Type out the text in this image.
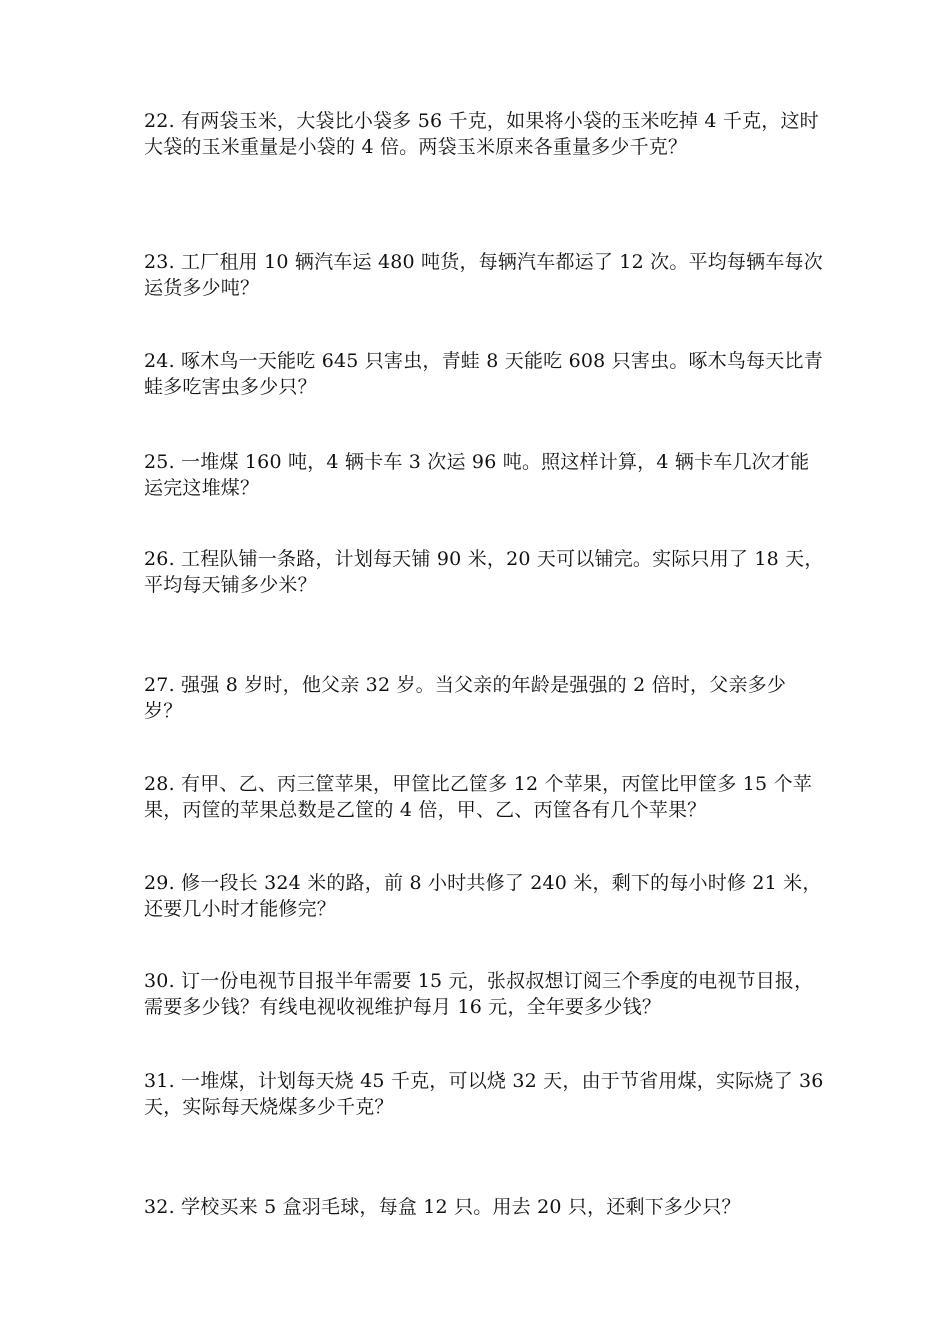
22. 有两袋玉米，大袋比小袋多 56 千克，如果将小袋的玉米吃掉 4 千克，这时大袋的玉米重量是小袋的 4 倍。两袋玉米原来各重量多少千克？

23. 工厂租用 10 辆汽车运 480 吨货，每辆汽车都运了 12 次。平均每辆车每次运货多少吨？

24. 啄木鸟一天能吃 645 只害虫，青蛙 8 天能吃 608 只害虫。啄木鸟每天比青蛙多吃害虫多少只？

25. 一堆煤 160 吨，4 辆卡车 3 次运 96 吨。照这样计算，4 辆卡车几次才能运完这堆煤？

26. 工程队铺一条路，计划每天铺 90 米，20 天可以铺完。实际只用了 18 天，平均每天铺多少米？

27. 强强 8 岁时，他父亲 32 岁。当父亲的年龄是强强的 2 倍时，父亲多少岁？

28. 有甲、乙、丙三筐苹果，甲筐比乙筐多 12 个苹果，丙筐比甲筐多 15 个苹果，丙筐的苹果总数是乙筐的 4 倍，甲、乙、丙筐各有几个苹果？

29. 修一段长 324 米的路，前 8 小时共修了 240 米，剩下的每小时修 21 米，还要几小时才能修完？

30. 订一份电视节目报半年需要 15 元，张叔叔想订阅三个季度的电视节目报，需要多少钱？有线电视收视维护每月 16 元，全年要多少钱？

31. 一堆煤，计划每天烧 45 千克，可以烧 32 天，由于节省用煤，实际烧了 36 天，实际每天烧煤多少千克？

32. 学校买来 5 盒羽毛球，每盒 12 只。用去 20 只，还剩下多少只？
